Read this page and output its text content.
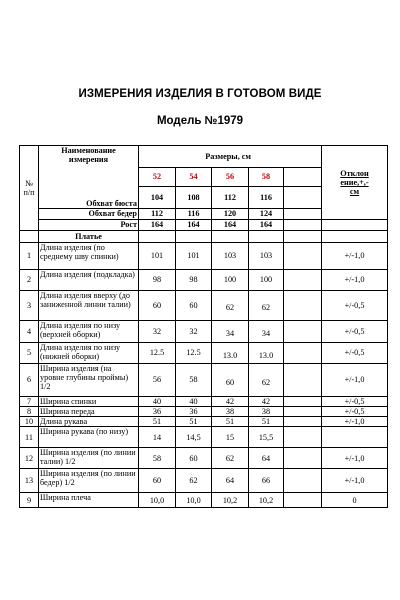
ИЗМЕРЕНИЯ ИЗДЕЛИЯ В ГОТОВОМ ВИДЕ
Модель №1979
№
п/п	Наименование
измерения	Размеры, см					Отклон
ение,+,-
см
		52	54	56	58		
	Обхват бюста	104	108	112	116		
	Обхват бедер	112	116	120	124		
	Рост	164	164	164	164		
	Платье						
1	Длина изделия (по среднему шву спинки)	101	101	103	103		+/-1,0
2	Длина изделия (подкладка)	98	98	100	100		+/-1,0
3	Длина изделия вверху (до заниженной линии талии)	60	60	62	62		+/-0,5
4	Длина изделия по низу (верхней оборки)	32	32	34	34		+/-0,5
5	Длина изделия по низу (нижней оборки)	12.5	12.5	13.0	13.0		+/-0,5
6	Ширина изделия (на уровне глубины проймы) 1/2	56	58	60	62		+/-1,0
7	Ширина спинки	40	40	42	42		+/-0,5
8	Ширина переда	36	36	38	38		+/-0,5
10	Длина рукава	51	51	51	51		+/-1,0
11	Ширина рукава (по низу)	14	14,5	15	15,5		
12	Ширина изделия (по линии талии) 1/2	58	60	62	64		+/-1,0
13	Ширина изделия (по линии бедер) 1/2	60	62	64	66		+/-1,0
9	Ширина плеча	10,0	10,0	10,2	10,2		0
